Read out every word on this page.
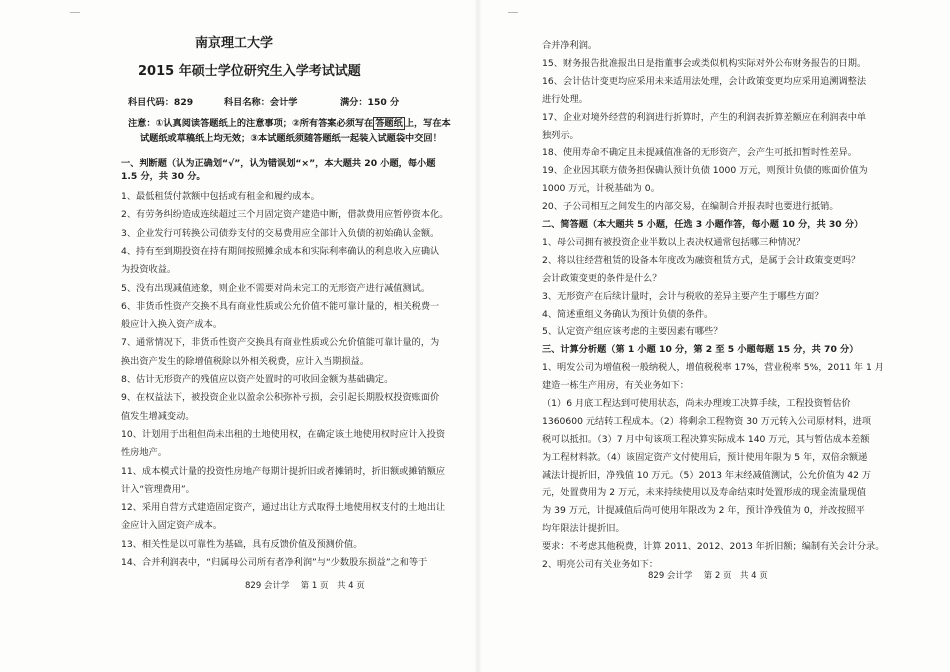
南京理工大学
2015 年硕士学位研究生入学考试试题
科目代码：829	科目名称：会计学	满分：150 分
注意：①认真阅读答题纸上的注意事项；②所有答案必须写在 答题纸 上，写在本
试题纸或草稿纸上均无效；③本试题纸须随答题纸一起装入试题袋中交回！
一、判断题（认为正确划“√”，认为错误划“×”，本大题共 20 小题，每小题
1.5 分，共 30 分。
1、最低租赁付款额中包括或有租金和履约成本。
2、有劳务纠纷造成连续超过三个月固定资产建造中断，借款费用应暂停资本化。
3、企业发行可转换公司债券支付的交易费用应全部计入负债的初始确认金额。
4、持有至到期投资在持有期间按照摊余成本和实际利率确认的利息收入应确认
为投资收益。
5、没有出现减值迹象，则企业不需要对尚未完工的无形资产进行减值测试。
6、非货币性资产交换不具有商业性质或公允价值不能可靠计量的，相关税费一
般应计入换入资产成本。
7、通常情况下，非货币性资产交换具有商业性质或公允价值能可靠计量的，为
换出资产发生的除增值税除以外相关税费，应计入当期损益。
8、估计无形资产的残值应以资产处置时的可收回金额为基础确定。
9、在权益法下，被投资企业以盈余公积弥补亏损，会引起长期股权投资账面价
值发生增减变动。
10、计划用于出租但尚未出租的土地使用权，在确定该土地使用权时应计入投资
性房地产。
11、成本模式计量的投资性房地产每期计提折旧或者摊销时，折旧额或摊销额应
计入“管理费用”。
12、采用自营方式建造固定资产，通过出让方式取得土地使用权支付的土地出让
金应计入固定资产成本。
13、相关性是以可靠性为基础，具有反馈价值及预测价值。
14、合并利润表中，“归属母公司所有者净利润”与“少数股东损益”之和等于
829 会计学　 第 1 页　共 4 页
合并净利润。
15、财务报告批准报出日是指董事会或类似机构实际对外公布财务报告的日期。
16、会计估计变更均应采用未来适用法处理，会计政策变更均应采用追溯调整法
进行处理。
17、企业对境外经营的利润进行折算时，产生的利润表折算差额应在利润表中单
独列示。
18、使用寿命不确定且未提减值准备的无形资产，会产生可抵扣暂时性差异。
19、企业因其联方债务担保确认预计负债 1000 万元，则预计负债的账面价值为
1000 万元，计税基础为 0。
20、子公司相互之间发生的内部交易，在编制合并报表时也要进行抵销。
二、简答题（本大题共 5 小题，任选 3 小题作答，每小题 10 分，共 30 分）
1、母公司拥有被投资企业半数以上表决权通常包括哪三种情况？
2、将以往经营租赁的设备本年度改为融资租赁方式，是属于会计政策变更吗？
会计政策变更的条件是什么？
3、无形资产在后续计量时，会计与税收的差异主要产生于哪些方面？
4、简述重组义务确认为预计负债的条件。
5、认定资产组应该考虑的主要因素有哪些？
三、计算分析题（第 1 小题 10 分，第 2 至 5 小题每题 15 分，共 70 分）
1、明发公司为增值税一般纳税人，增值税税率 17%，营业税率 5%，2011 年 1 月
建造一栋生产用房，有关业务如下：
（1）6 月底工程达到可使用状态，尚未办理竣工决算手续，工程投资暂估价
1360600 元结转工程成本。（2）将剩余工程物资 30 万元转入公司原材料，进项
税可以抵扣。（3）7 月中旬该项工程决算实际成本 140 万元，其与暂估成本差额
为工程材料款。（4）该固定资产文付使用后，预计使用年限为 5 年，双倍余额递
减法计提折旧，净残值 10 万元。（5）2013 年末经减值测试，公允价值为 42 万
元，处置费用为 2 万元，未来持续使用以及寿命结束时处置形成的现金流量现值
为 39 万元，计提减值后尚可使用年限改为 2 年，预计净残值为 0，并改按照平
均年限法计提折旧。
要求：不考虑其他税费，计算 2011、2012、2013 年折旧额；编制有关会计分录。
2、明亮公司有关业务如下：
829 会计学　 第 2 页　共 4 页
